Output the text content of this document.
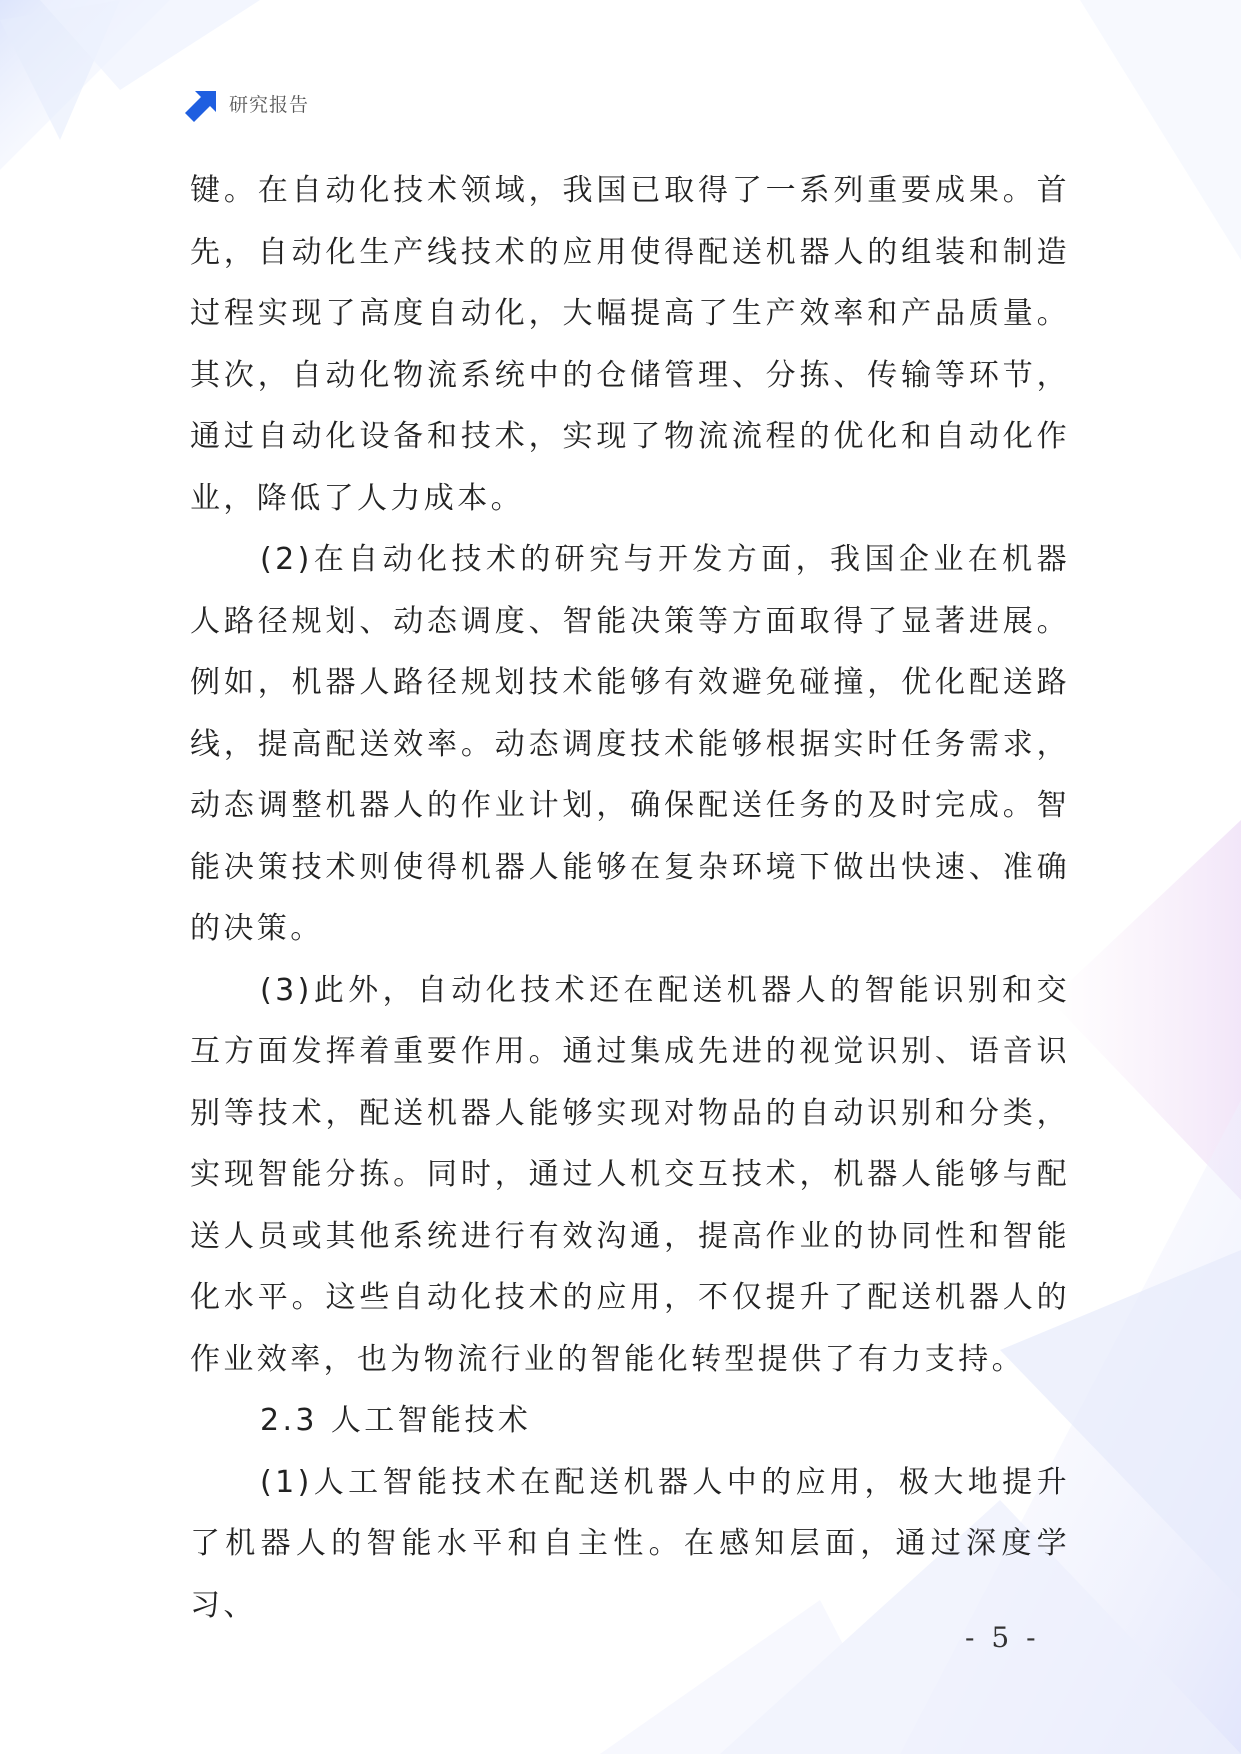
研究报告

键。在自动化技术领域，我国已取得了一系列重要成果。首先，自动化生产线技术的应用使得配送机器人的组装和制造过程实现了高度自动化，大幅提高了生产效率和产品质量。其次，自动化物流系统中的仓储管理、分拣、传输等环节，通过自动化设备和技术，实现了物流流程的优化和自动化作业，降低了人力成本。

(2)在自动化技术的研究与开发方面，我国企业在机器人路径规划、动态调度、智能决策等方面取得了显著进展。例如，机器人路径规划技术能够有效避免碰撞，优化配送路线，提高配送效率。动态调度技术能够根据实时任务需求，动态调整机器人的作业计划，确保配送任务的及时完成。智能决策技术则使得机器人能够在复杂环境下做出快速、准确的决策。

(3)此外，自动化技术还在配送机器人的智能识别和交互方面发挥着重要作用。通过集成先进的视觉识别、语音识别等技术，配送机器人能够实现对物品的自动识别和分类，实现智能分拣。同时，通过人机交互技术，机器人能够与配送人员或其他系统进行有效沟通，提高作业的协同性和智能化水平。这些自动化技术的应用，不仅提升了配送机器人的作业效率，也为物流行业的智能化转型提供了有力支持。

2.3 人工智能技术

(1)人工智能技术在配送机器人中的应用，极大地提升了机器人的智能水平和自主性。在感知层面，通过深度学习、

- 5 -
